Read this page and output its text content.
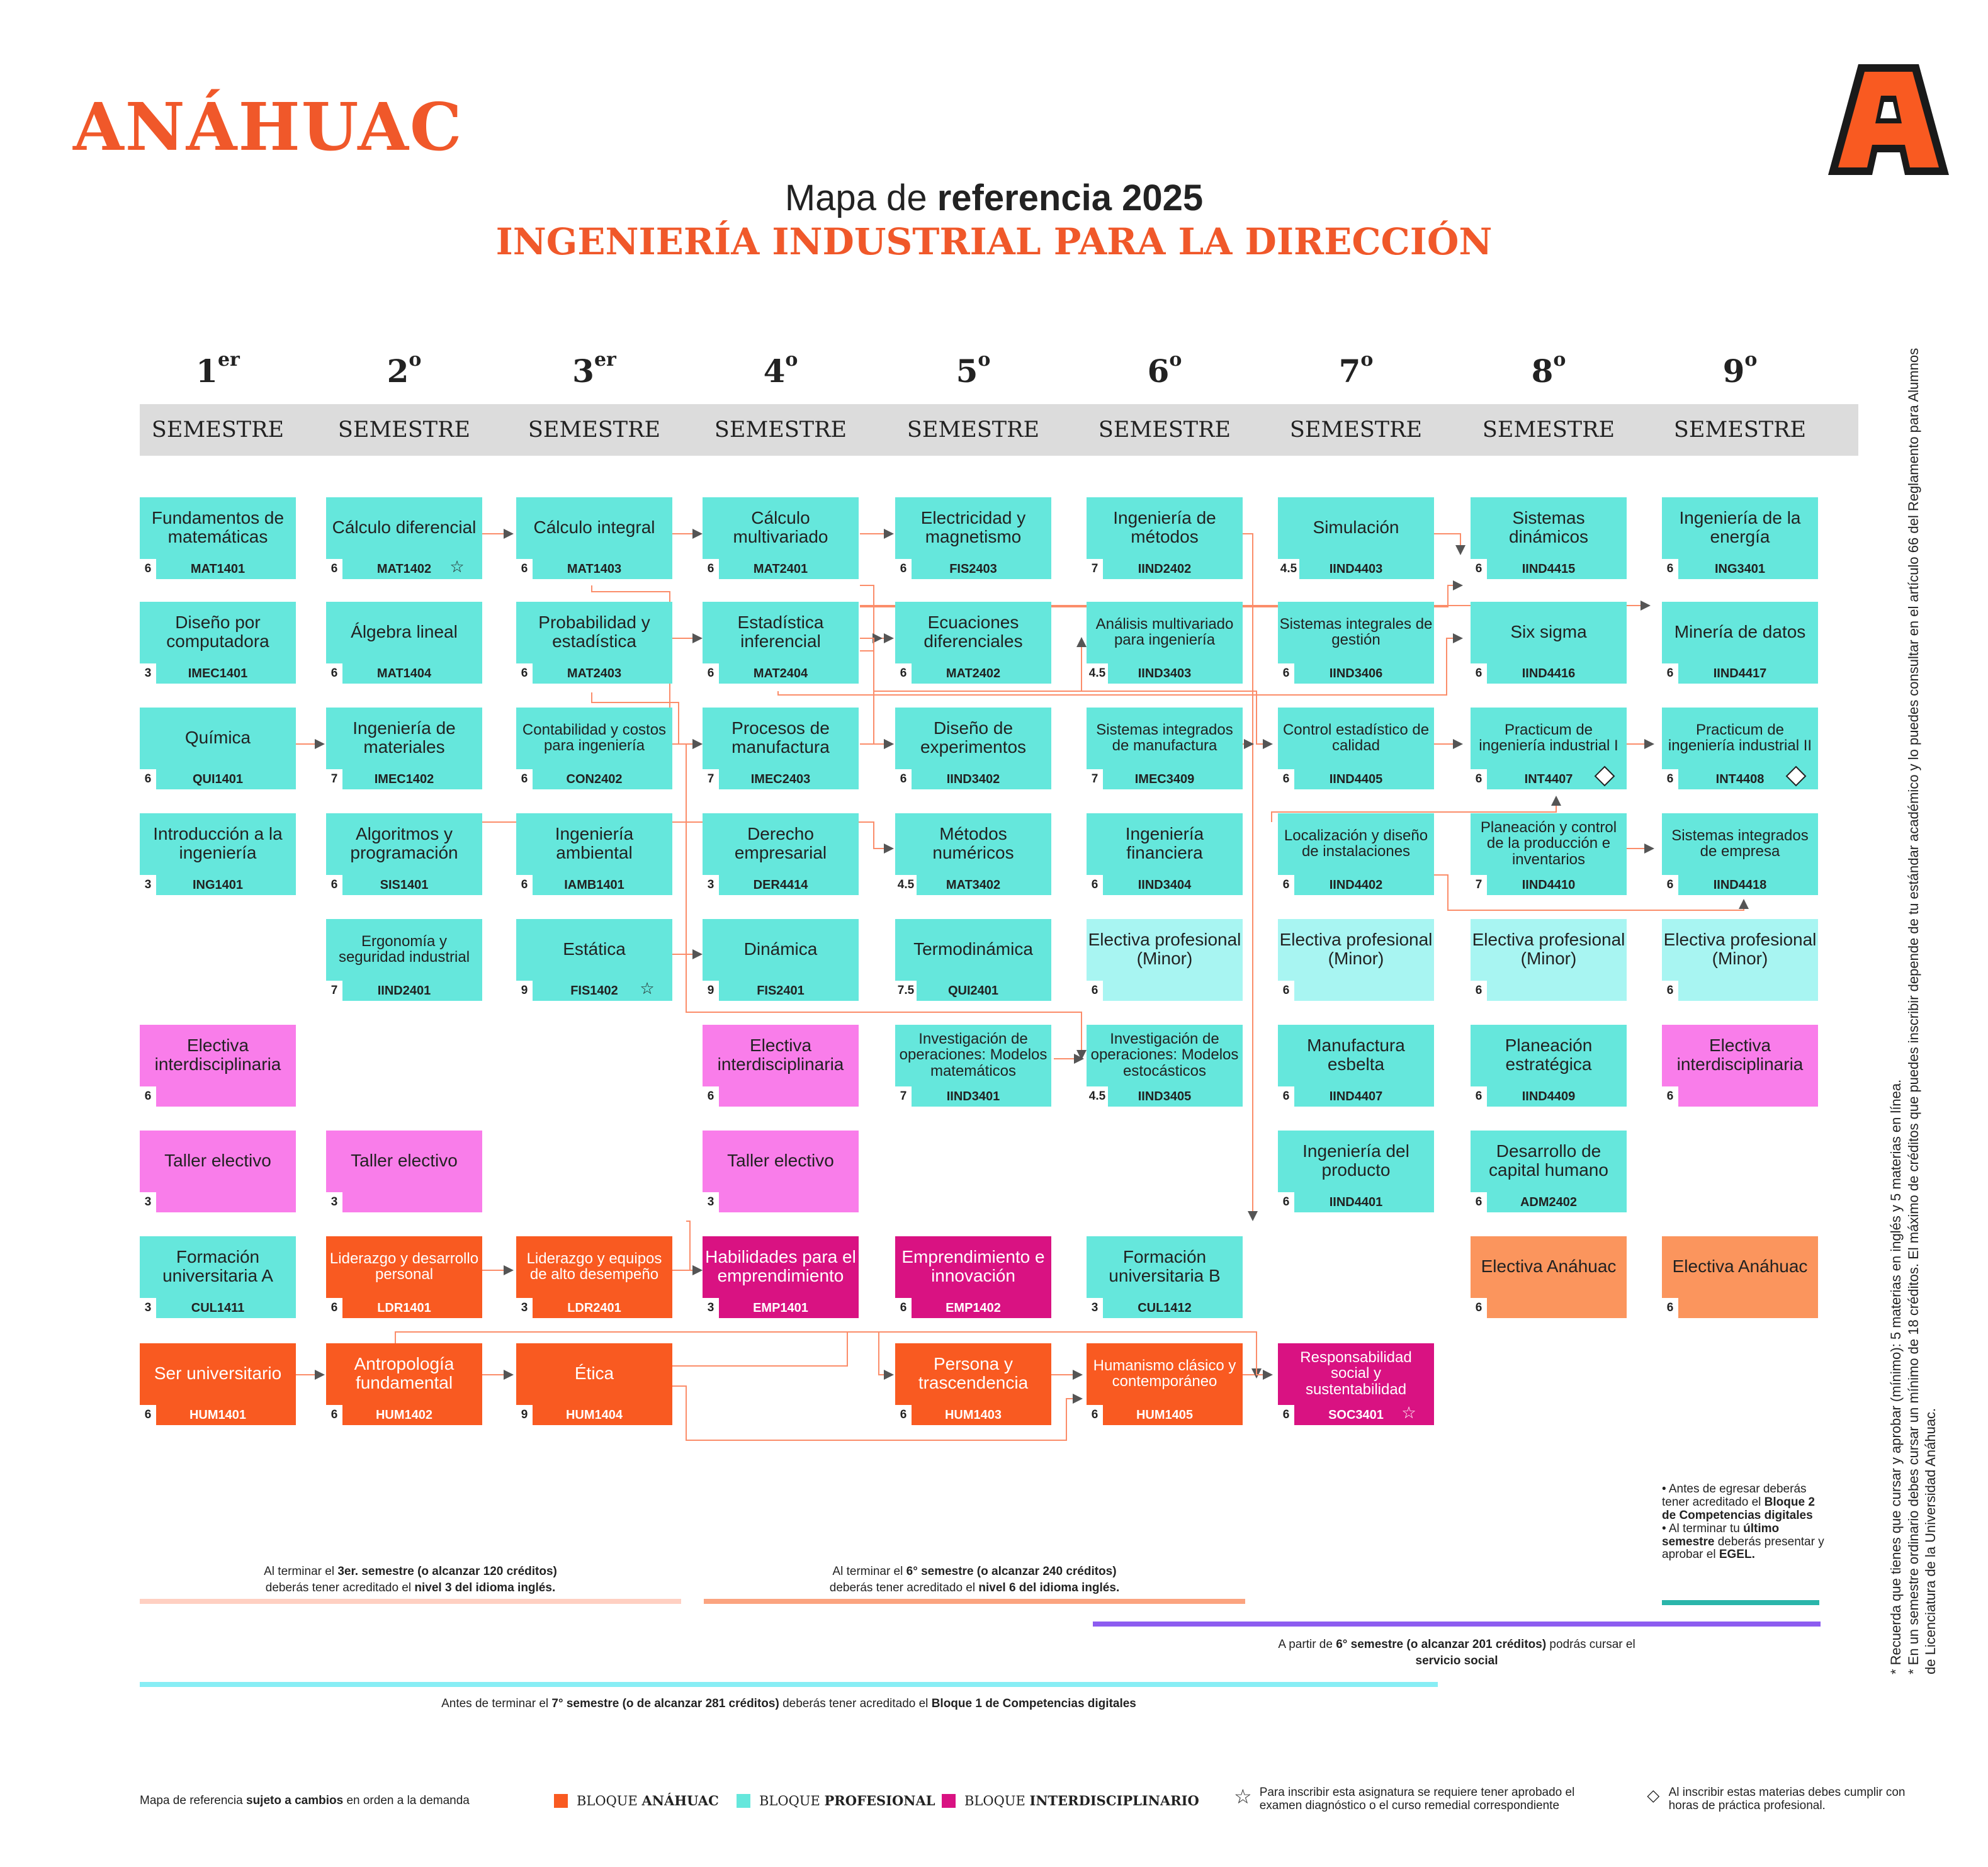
ANÁHUAC
Mapa de referencia 2025
INGENIERÍA INDUSTRIAL PARA LA DIRECCIÓN
1er
SEMESTRE
2$^o$
SEMESTRE
3er
SEMESTRE
4$^o$
SEMESTRE
5$^o$
SEMESTRE
6$^o$
SEMESTRE
7$^o$
SEMESTRE
8$^o$
SEMESTRE
9$^o$
SEMESTRE
Fundamentos de matemáticas
MAT1401
6
Diseño por computadora
IMEC1401
3
Química
QUI1401
6
Introducción a la ingeniería
ING1401
3
Electiva interdisciplinaria
6
Taller electivo
3
Formación universitaria A
CUL1411
3
Ser universitario
HUM1401
6
Cálculo diferencial
MAT1402
6	☆
Álgebra lineal
MAT1404
6
Ingeniería de materiales
IMEC1402
7
Algoritmos y programación
SIS1401
6
Ergonomía y seguridad industrial
IIND2401
7
Taller electivo
3
Liderazgo y desarrollo personal
LDR1401
6
Antropología fundamental
HUM1402
6
Cálculo integral
MAT1403
6
Probabilidad y estadística
MAT2403
6
Contabilidad y costos para ingeniería
CON2402
6
Ingeniería ambiental
IAMB1401
6
Estática
FIS1402
9	☆
Liderazgo y equipos de alto desempeño
LDR2401
3
Ética
HUM1404
9
Cálculo multivariado
MAT2401
6
Estadística inferencial
MAT2404
6
Procesos de manufactura
IMEC2403
7
Derecho empresarial
DER4414
3
Dinámica
FIS2401
9
Electiva interdisciplinaria
6
Taller electivo
3
Habilidades para el emprendimiento
EMP1401
3
Electricidad y magnetismo
FIS2403
6
Ecuaciones diferenciales
MAT2402
6
Diseño de experimentos
IIND3402
6
Métodos numéricos
MAT3402
4.5
Termodinámica
QUI2401
7.5
Investigación de operaciones: Modelos matemáticos
IIND3401
7
Emprendimiento e innovación
EMP1402
6
Persona y trascendencia
HUM1403
6
Ingeniería de métodos
IIND2402
7
Análisis multivariado para ingeniería
IIND3403
4.5
Sistemas integrados de manufactura
IMEC3409
7
Ingeniería financiera
IIND3404
6
Electiva profesional (Minor)
6
Investigación de operaciones: Modelos estocásticos
IIND3405
4.5
Formación universitaria B
CUL1412
3
Humanismo clásico y contemporáneo
HUM1405
6
Simulación
IIND4403
4.5
Sistemas integrales de gestión
IIND3406
6
Control estadístico de calidad
IIND4405
6
Localización y diseño de instalaciones
IIND4402
6
Electiva profesional (Minor)
6
Manufactura esbelta
IIND4407
6
Ingeniería del producto
IIND4401
6
Responsabilidad social y sustentabilidad
SOC3401
6	☆
Sistemas dinámicos
IIND4415
6
Six sigma
IIND4416
6
Practicum de ingeniería industrial I
INT4407
6
Planeación y control de la producción e inventarios
IIND4410
7
Electiva profesional (Minor)
6
Planeación estratégica
IIND4409
6
Desarrollo de capital humano
ADM2402
6
Electiva Anáhuac
6
Ingeniería de la energía
ING3401
6
Minería de datos
IIND4417
6
Practicum de ingeniería industrial II
INT4408
6
Sistemas integrados de empresa
IIND4418
6
Electiva profesional (Minor)
6
Electiva interdisciplinaria
6
Electiva Anáhuac
6
Al terminar el 3er. semestre (o alcanzar 120 créditos)
deberás tener acreditado el nivel 3 del idioma inglés.
Al terminar el 6° semestre (o alcanzar 240 créditos)
deberás tener acreditado el nivel 6 del idioma inglés.
• Antes de egresar deberás tener acreditado el Bloque 2 de Competencias digitales
• Al terminar tu último semestre deberás presentar y aprobar el EGEL.
A partir de 6° semestre (o alcanzar 201 créditos) podrás cursar el
servicio social
Antes de terminar el 7° semestre (o de alcanzar 281 créditos) deberás tener acreditado el Bloque 1 de Competencias digitales
* Recuerda que tienes que cursar y aprobar (mínimo): 5 materias en inglés y 5 materias en línea. * En un semestre ordinario debes cursar un mínimo de 18 créditos. El máximo de créditos que puedes inscribir depende de tu estándar académico y lo puedes consultar en el artículo 66 del Reglamento para Alumnos de Licenciatura de la Universidad Anáhuac.
Mapa de referencia sujeto a cambios en orden a la demanda	BLOQUE ANÁHUAC	BLOQUE PROFESIONAL BLOQUE INTERDISCIPLINARIO ☆ Para inscribir esta asignatura se requiere tener aprobado el examen diagnóstico o el curso remedial correspondiente
Al inscribir estas materias debes cumplir con horas de práctica profesional.
